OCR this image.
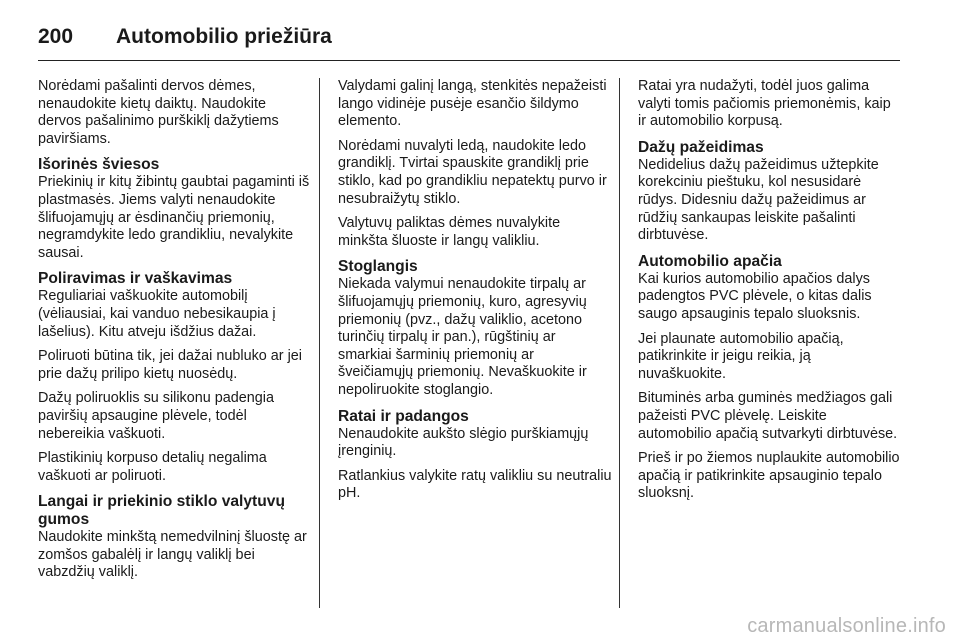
200	Automobilio priežiūra

Norėdami pašalinti dervos dėmes, nenaudokite kietų daiktų. Naudokite dervos pašalinimo purškiklį dažytiems paviršiams.

Išorinės šviesos

Priekinių ir kitų žibintų gaubtai pagaminti iš plastmasės. Jiems valyti nenaudokite šlifuojamųjų ar ėsdinančių priemonių, negramdykite ledo grandikliu, nevalykite sausai.

Poliravimas ir vaškavimas

Reguliariai vaškuokite automobilį (vėliausiai, kai vanduo nebesikaupia į lašelius). Kitu atveju išdžius dažai.

Poliruoti būtina tik, jei dažai nubluko ar jei prie dažų prilipo kietų nuosėdų.

Dažų poliruoklis su silikonu padengia paviršių apsaugine plėvele, todėl nebereikia vaškuoti.

Plastikinių korpuso detalių negalima vaškuoti ar poliruoti.

Langai ir priekinio stiklo valytuvų gumos

Naudokite minkštą nemedvilninį šluostę ar zomšos gabalėlį ir langų valiklį bei vabzdžių valiklį.

Valydami galinį langą, stenkitės nepažeisti lango vidinėje pusėje esančio šildymo elemento.

Norėdami nuvalyti ledą, naudokite ledo grandiklį. Tvirtai spauskite grandiklį prie stiklo, kad po grandikliu nepatektų purvo ir nesubraižytų stiklo.

Valytuvų paliktas dėmes nuvalykite minkšta šluoste ir langų valikliu.

Stoglangis

Niekada valymui nenaudokite tirpalų ar šlifuojamųjų priemonių, kuro, agresyvių priemonių (pvz., dažų valiklio, acetono turinčių tirpalų ir pan.), rūgštinių ar smarkiai šarminių priemonių ar šveičiamųjų priemonių. Nevaškuokite ir nepoliruokite stoglangio.

Ratai ir padangos

Nenaudokite aukšto slėgio purškiamųjų įrenginių.

Ratlankius valykite ratų valikliu su neutraliu pH.

Ratai yra nudažyti, todėl juos galima valyti tomis pačiomis priemonėmis, kaip ir automobilio korpusą.

Dažų pažeidimas

Nedidelius dažų pažeidimus užtepkite korekciniu pieštuku, kol nesusidarė rūdys. Didesniu dažų pažeidimus ar rūdžių sankaupas leiskite pašalinti dirbtuvėse.

Automobilio apačia

Kai kurios automobilio apačios dalys padengtos PVC plėvele, o kitas dalis saugo apsauginis tepalo sluoksnis.

Jei plaunate automobilio apačią, patikrinkite ir jeigu reikia, ją nuvaškuokite.

Bituminės arba guminės medžiagos gali pažeisti PVC plėvelę. Leiskite automobilio apačią sutvarkyti dirbtuvėse.

Prieš ir po žiemos nuplaukite automobilio apačią ir patikrinkite apsauginio tepalo sluoksnį.

carmanualsonline.info
